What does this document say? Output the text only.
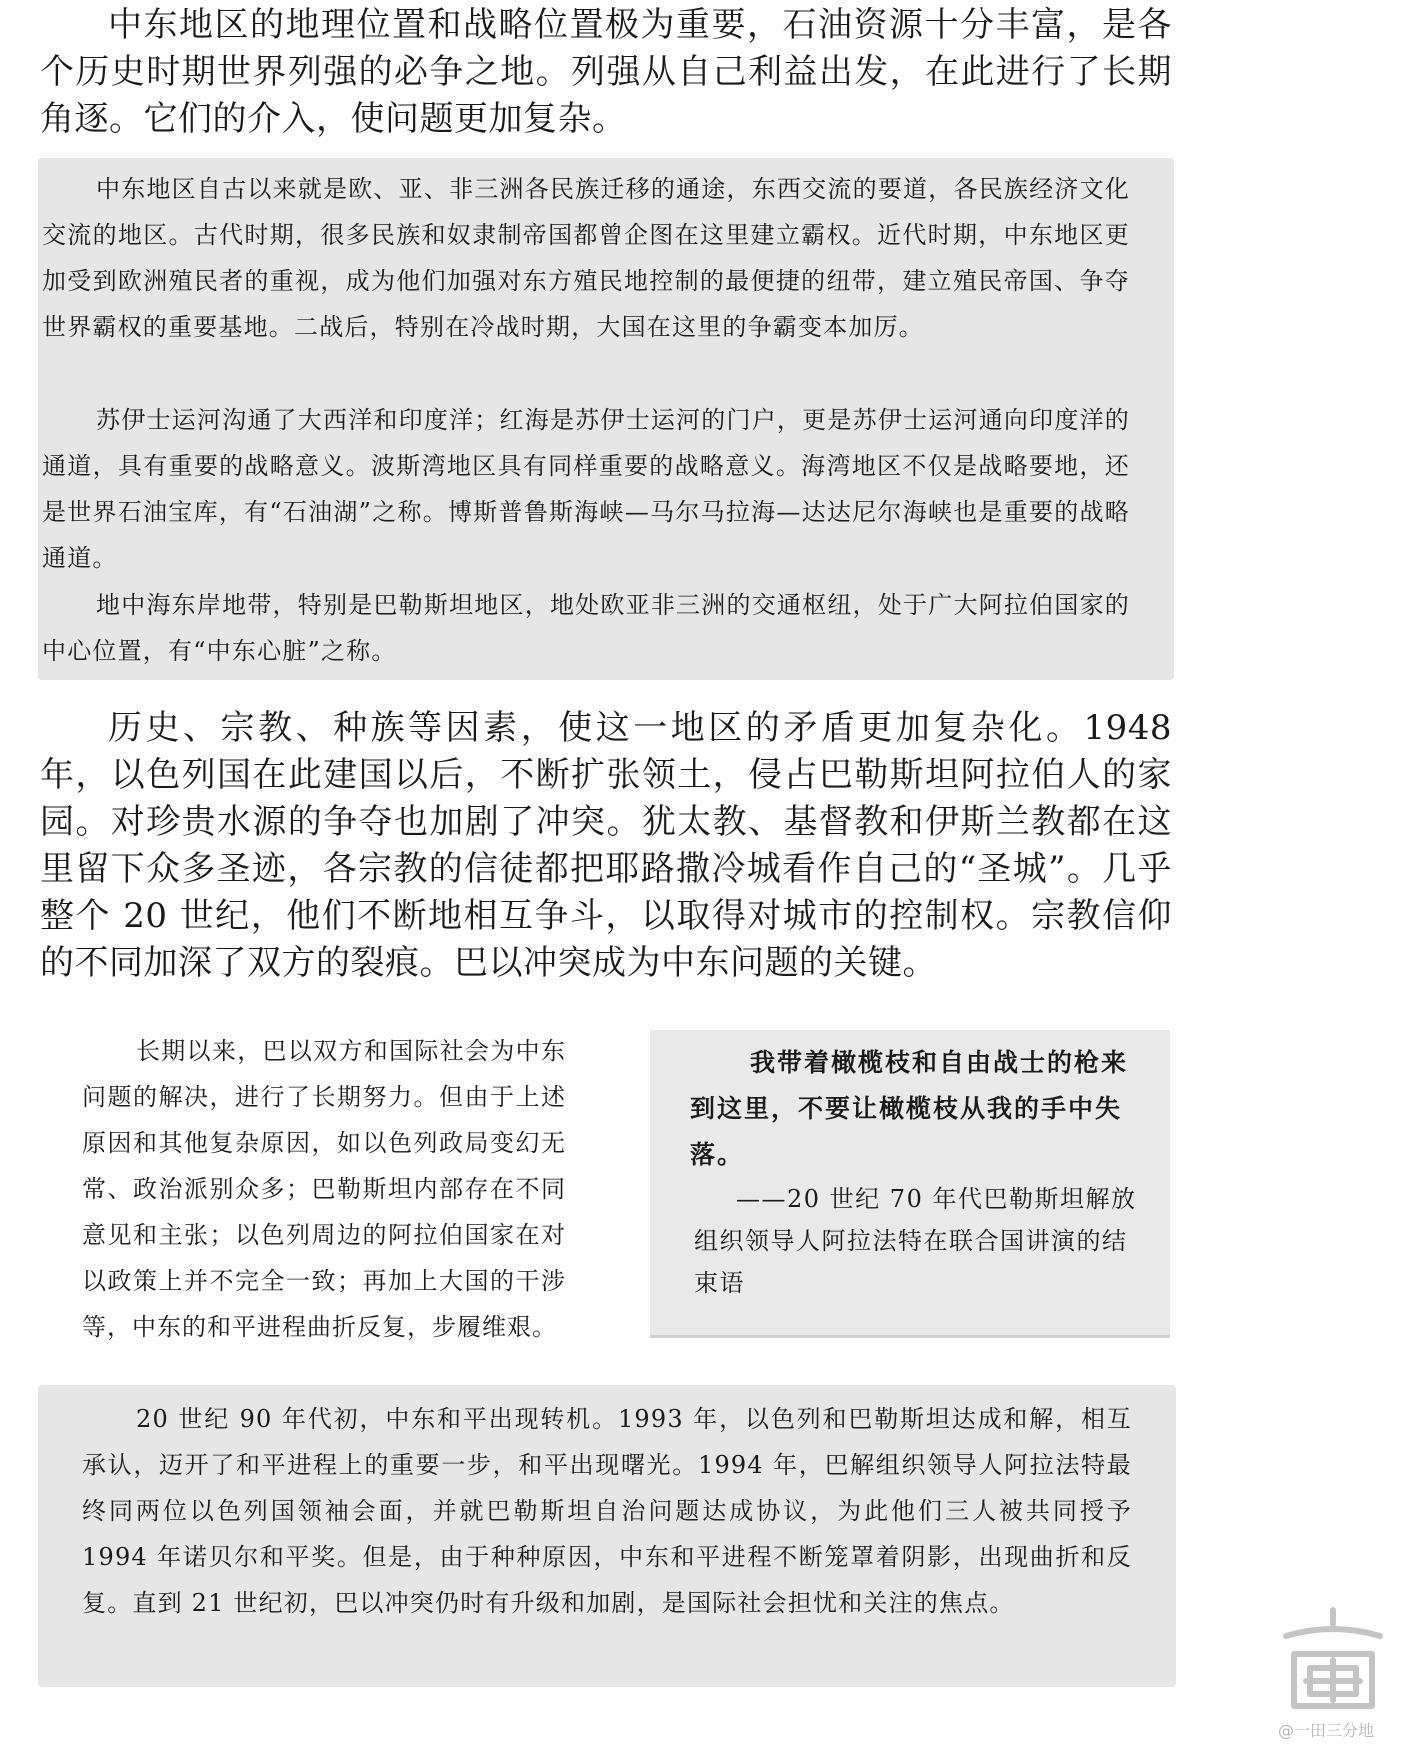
中东地区的地理位置和战略位置极为重要，石油资源十分丰富，是各个历史时期世界列强的必争之地。列强从自己利益出发，在此进行了长期角逐。它们的介入，使问题更加复杂。

中东地区自古以来就是欧、亚、非三洲各民族迁移的通途，东西交流的要道，各民族经济文化交流的地区。古代时期，很多民族和奴隶制帝国都曾企图在这里建立霸权。近代时期，中东地区更加受到欧洲殖民者的重视，成为他们加强对东方殖民地控制的最便捷的纽带，建立殖民帝国、争夺世界霸权的重要基地。二战后，特别在冷战时期，大国在这里的争霸变本加厉。

苏伊士运河沟通了大西洋和印度洋；红海是苏伊士运河的门户，更是苏伊士运河通向印度洋的通道，具有重要的战略意义。波斯湾地区具有同样重要的战略意义。海湾地区不仅是战略要地，还是世界石油宝库，有“石油湖”之称。博斯普鲁斯海峡—马尔马拉海—达达尼尔海峡也是重要的战略通道。

地中海东岸地带，特别是巴勒斯坦地区，地处欧亚非三洲的交通枢纽，处于广大阿拉伯国家的中心位置，有“中东心脏”之称。

历史、宗教、种族等因素，使这一地区的矛盾更加复杂化。1948 年，以色列国在此建国以后，不断扩张领土，侵占巴勒斯坦阿拉伯人的家园。对珍贵水源的争夺也加剧了冲突。犹太教、基督教和伊斯兰教都在这里留下众多圣迹，各宗教的信徒都把耶路撒冷城看作自己的“圣城”。几乎整个 20 世纪，他们不断地相互争斗，以取得对城市的控制权。宗教信仰的不同加深了双方的裂痕。巴以冲突成为中东问题的关键。

长期以来，巴以双方和国际社会为中东问题的解决，进行了长期努力。但由于上述原因和其他复杂原因，如以色列政局变幻无常、政治派别众多；巴勒斯坦内部存在不同意见和主张；以色列周边的阿拉伯国家在对以政策上并不完全一致；再加上大国的干涉等，中东的和平进程曲折反复，步履维艰。

我带着橄榄枝和自由战士的枪来到这里，不要让橄榄枝从我的手中失落。

——20 世纪 70 年代巴勒斯坦解放组织领导人阿拉法特在联合国讲演的结束语

20 世纪 90 年代初，中东和平出现转机。1993 年，以色列和巴勒斯坦达成和解，相互承认，迈开了和平进程上的重要一步，和平出现曙光。1994 年，巴解组织领导人阿拉法特最终同两位以色列国领袖会面，并就巴勒斯坦自治问题达成协议，为此他们三人被共同授予 1994 年诺贝尔和平奖。但是，由于种种原因，中东和平进程不断笼罩着阴影，出现曲折和反复。直到 21 世纪初，巴以冲突仍时有升级和加剧，是国际社会担忧和关注的焦点。

@一田三分地
